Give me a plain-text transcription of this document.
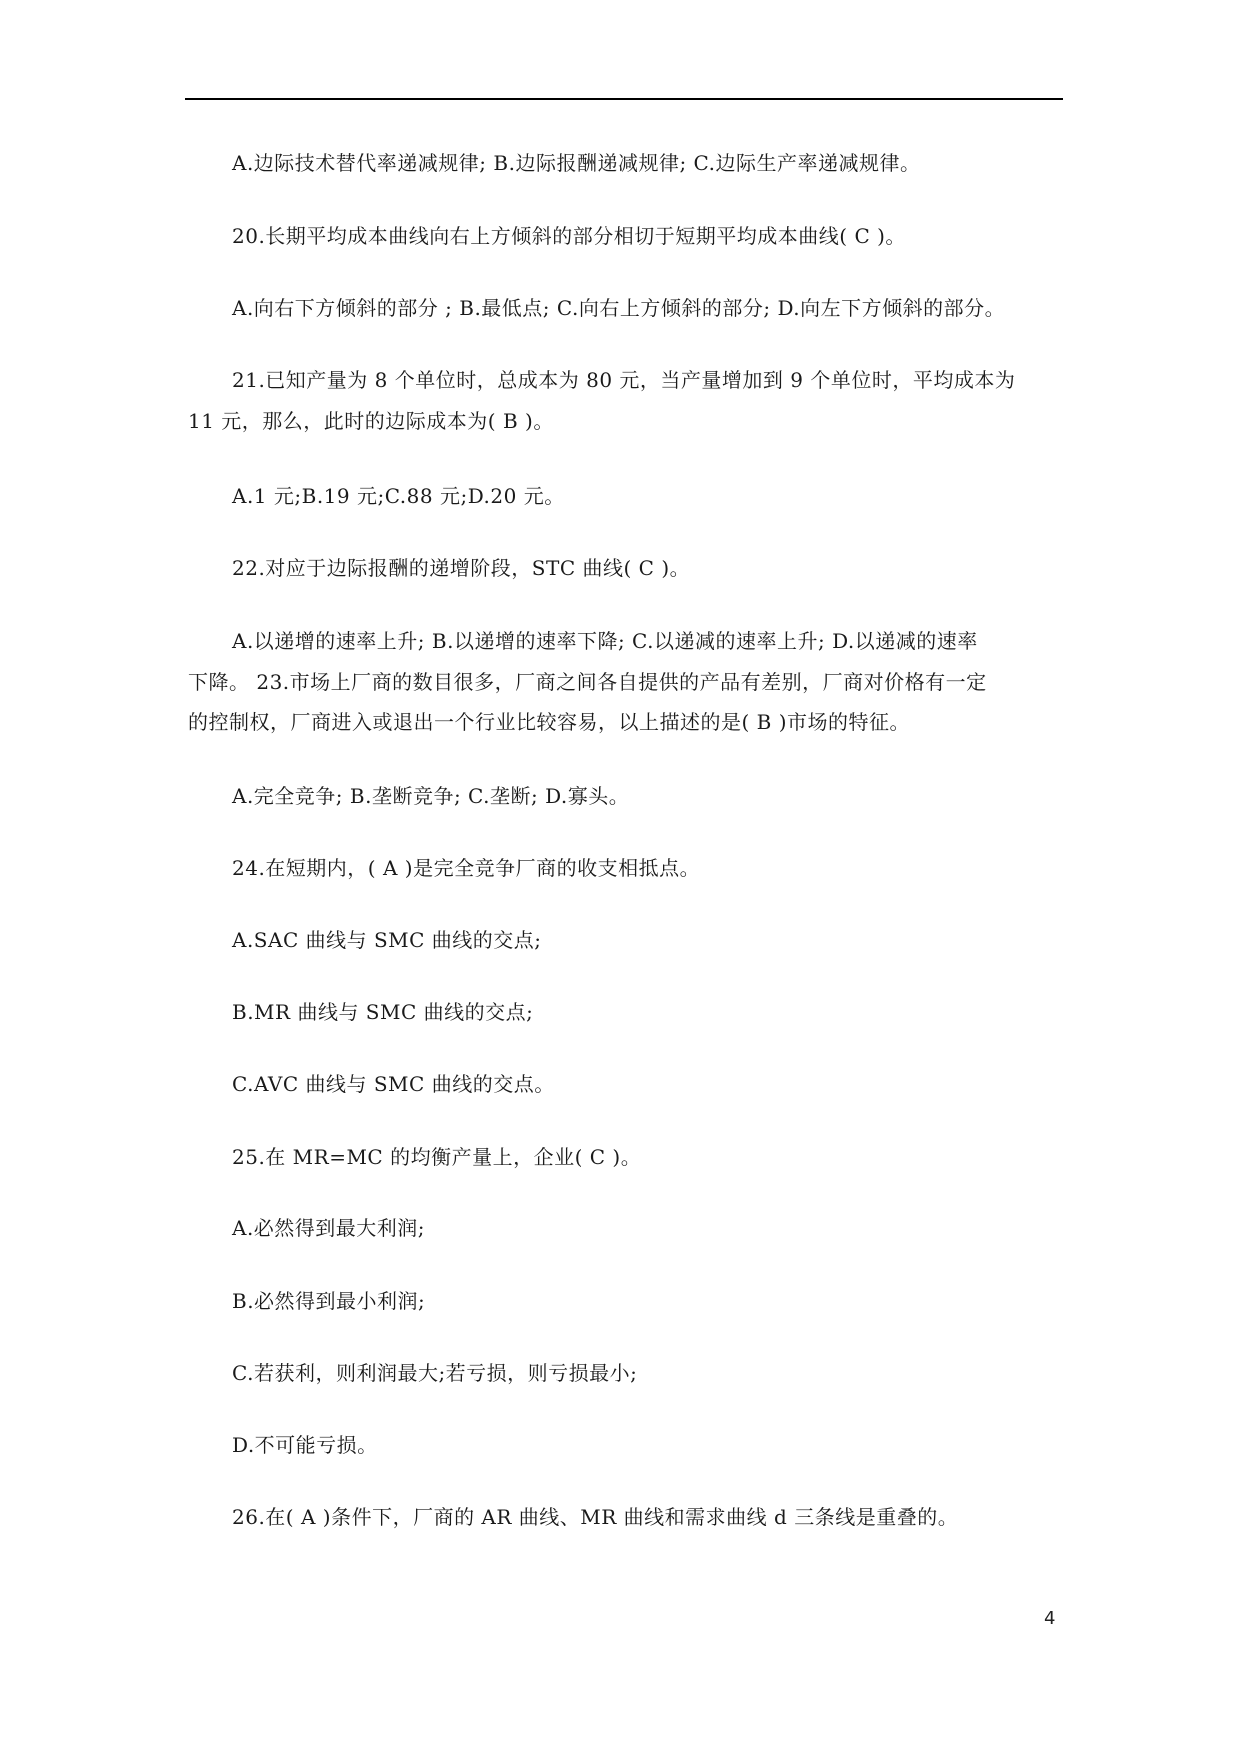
A.边际技术替代率递减规律; B.边际报酬递减规律; C.边际生产率递减规律。
20.长期平均成本曲线向右上方倾斜的部分相切于短期平均成本曲线( C )。
A.向右下方倾斜的部分 ; B.最低点; C.向右上方倾斜的部分; D.向左下方倾斜的部分。
21.已知产量为 8 个单位时，总成本为 80 元，当产量增加到 9 个单位时，平均成本为
11 元，那么，此时的边际成本为( B )。
A.1 元;B.19 元;C.88 元;D.20 元。
22.对应于边际报酬的递增阶段，STC 曲线( C )。
A.以递增的速率上升; B.以递增的速率下降; C.以递减的速率上升; D.以递减的速率
下降。 23.市场上厂商的数目很多，厂商之间各自提供的产品有差别，厂商对价格有一定
的控制权，厂商进入或退出一个行业比较容易，以上描述的是( B )市场的特征。
A.完全竞争; B.垄断竞争; C.垄断; D.寡头。
24.在短期内，( A )是完全竞争厂商的收支相抵点。
A.SAC 曲线与 SMC 曲线的交点;
B.MR 曲线与 SMC 曲线的交点;
C.AVC 曲线与 SMC 曲线的交点。
25.在 MR=MC 的均衡产量上，企业( C )。
A.必然得到最大利润;
B.必然得到最小利润;
C.若获利，则利润最大;若亏损，则亏损最小;
D.不可能亏损。
26.在( A )条件下，厂商的 AR 曲线、MR 曲线和需求曲线 d 三条线是重叠的。
4
